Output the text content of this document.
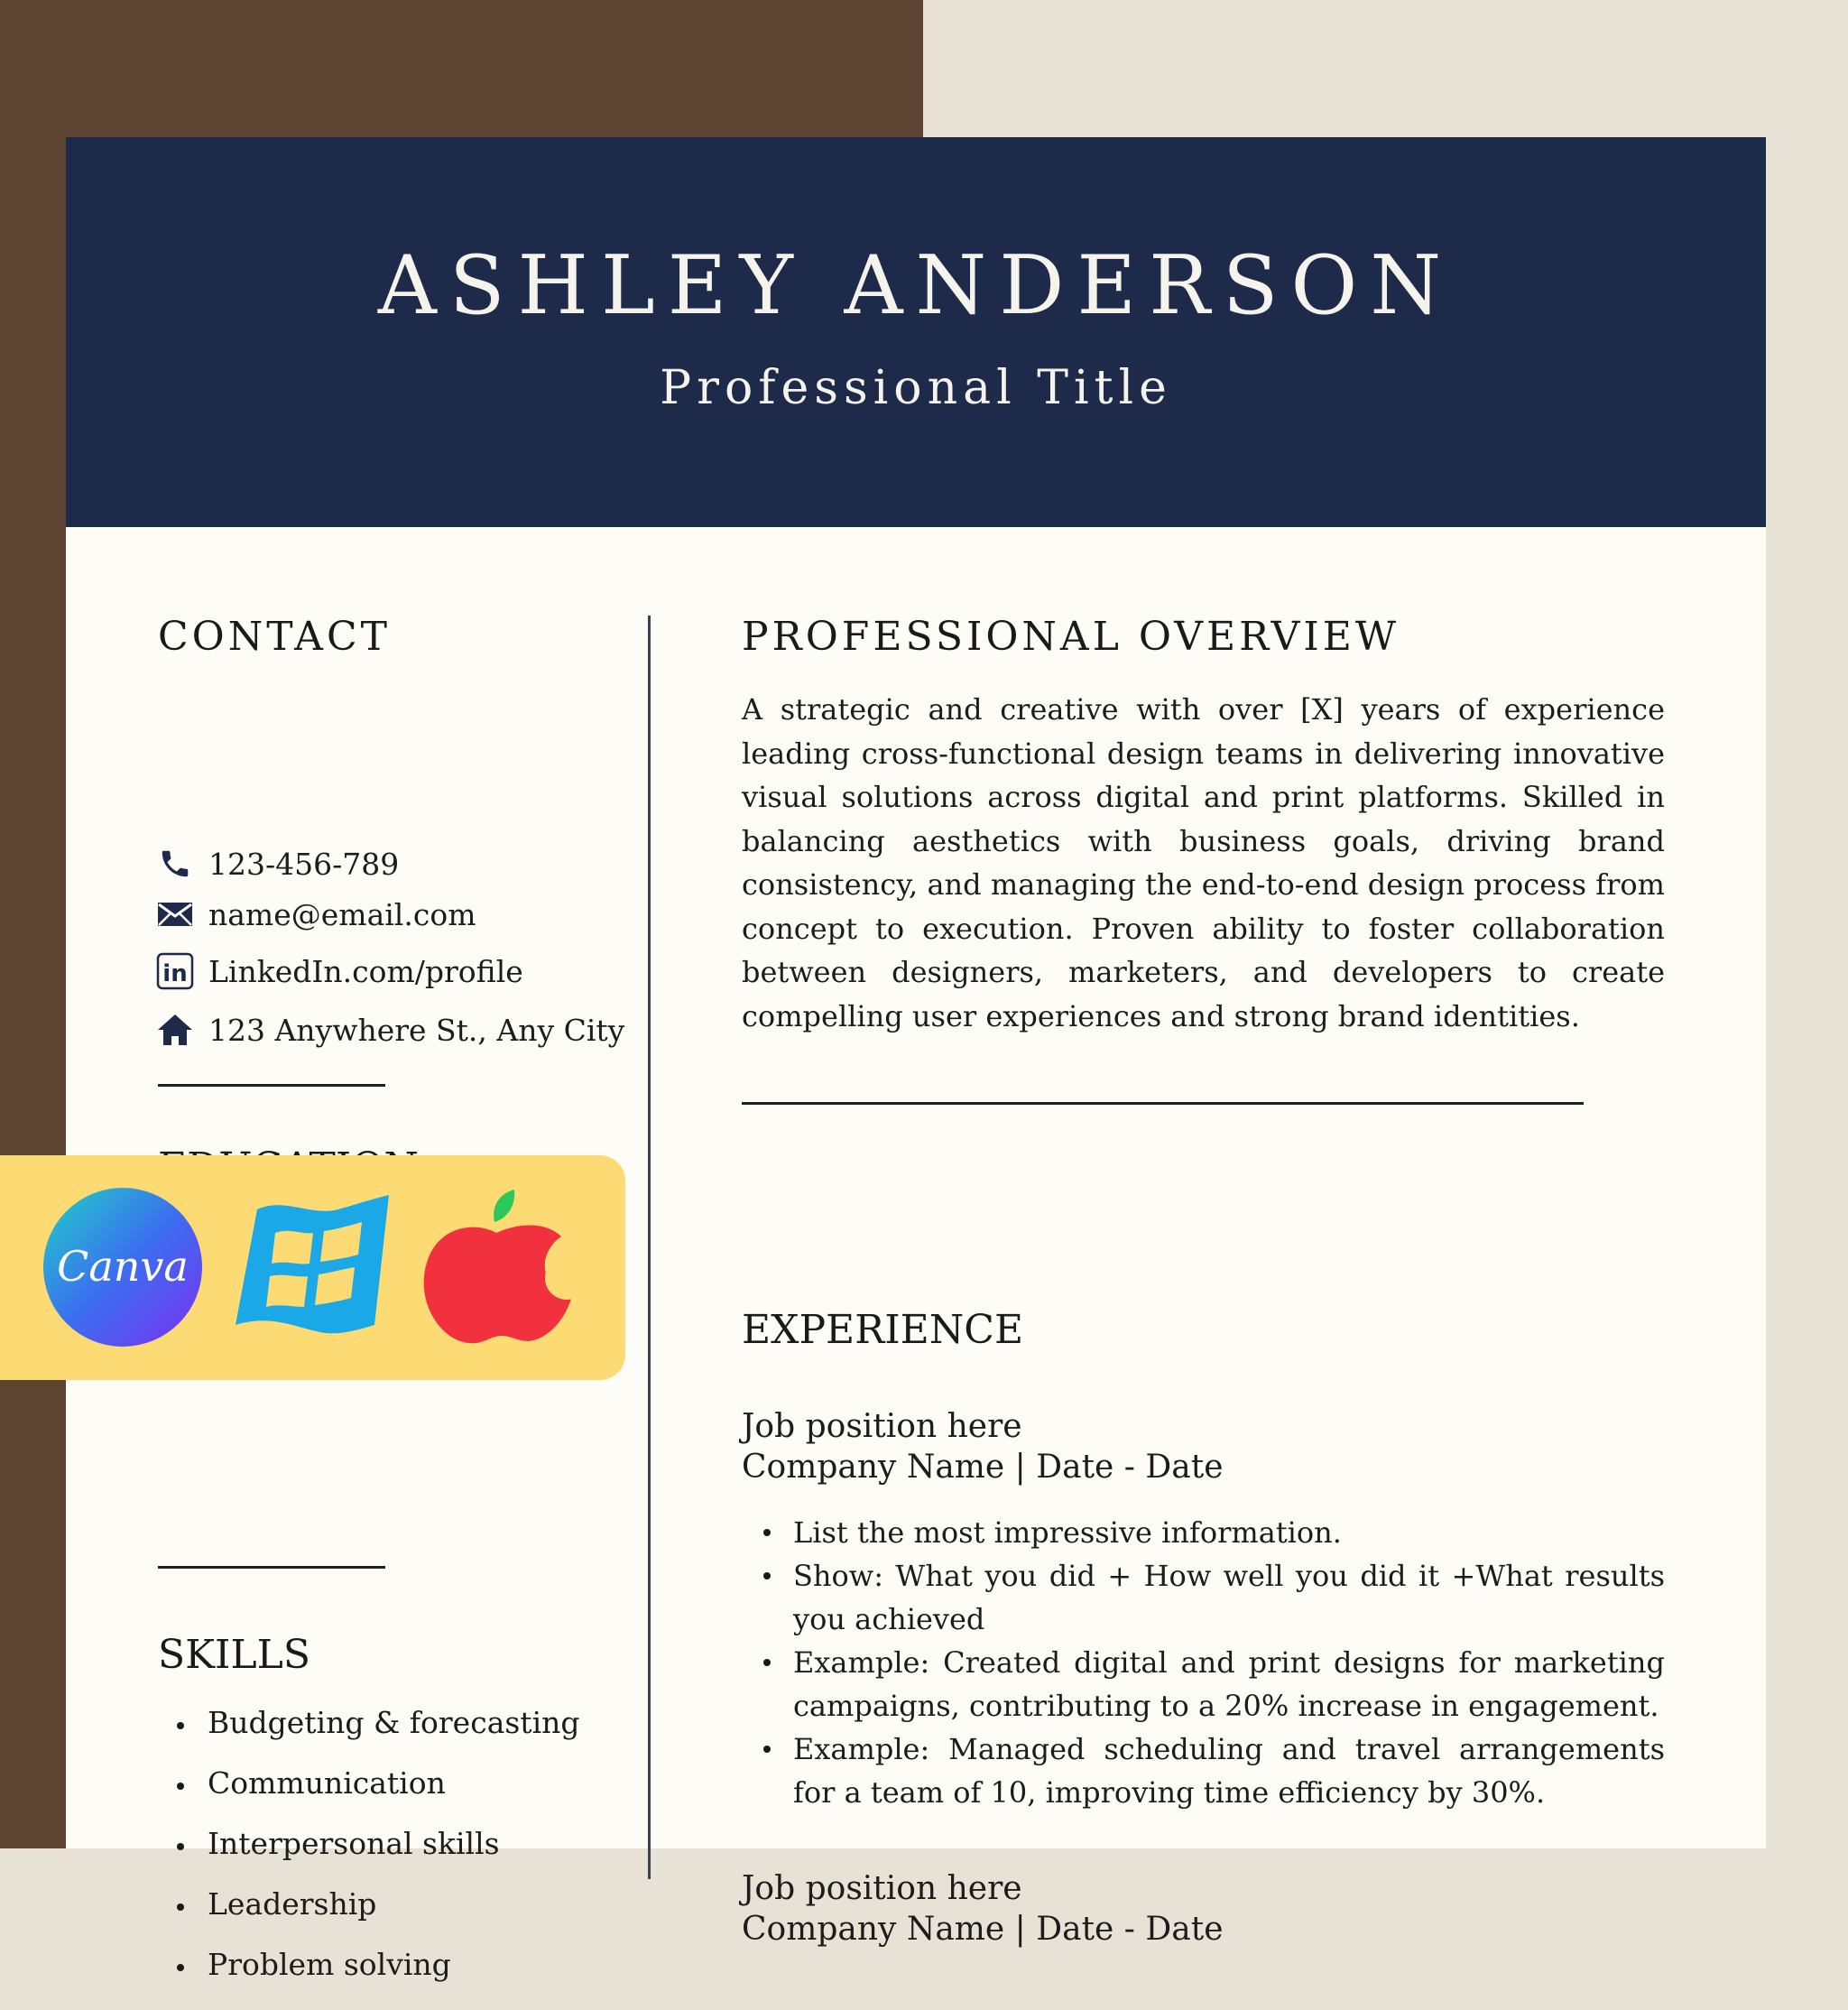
ASHLEY ANDERSON
Professional Title
CONTACT
123-456-789
name@email.com
in LinkedIn.com/profile
123 Anywhere St., Any City
SKILLS
Budgeting & forecasting
Communication
Interpersonal skills
Leadership
Problem solving
PROFESSIONAL OVERVIEW
A strategic and creative with over [X] years of experience leading cross-functional design teams in delivering innovative visual solutions across digital and print platforms. Skilled in balancing aesthetics with business goals, driving brand consistency, and managing the end-to-end design process from concept to execution. Proven ability to foster collaboration between designers, marketers, and developers to create compelling user experiences and strong brand identities.
EXPERIENCE
Job position here
Company Name | Date - Date
List the most impressive information.
Show: What you did + How well you did it +What results you achieved
Example: Created digital and print designs for marketing campaigns, contributing to a 20% increase in engagement.
Example: Managed scheduling and travel arrangements for a team of 10, improving time efficiency by 30%.
Job position here
Company Name | Date - Date
Canva
